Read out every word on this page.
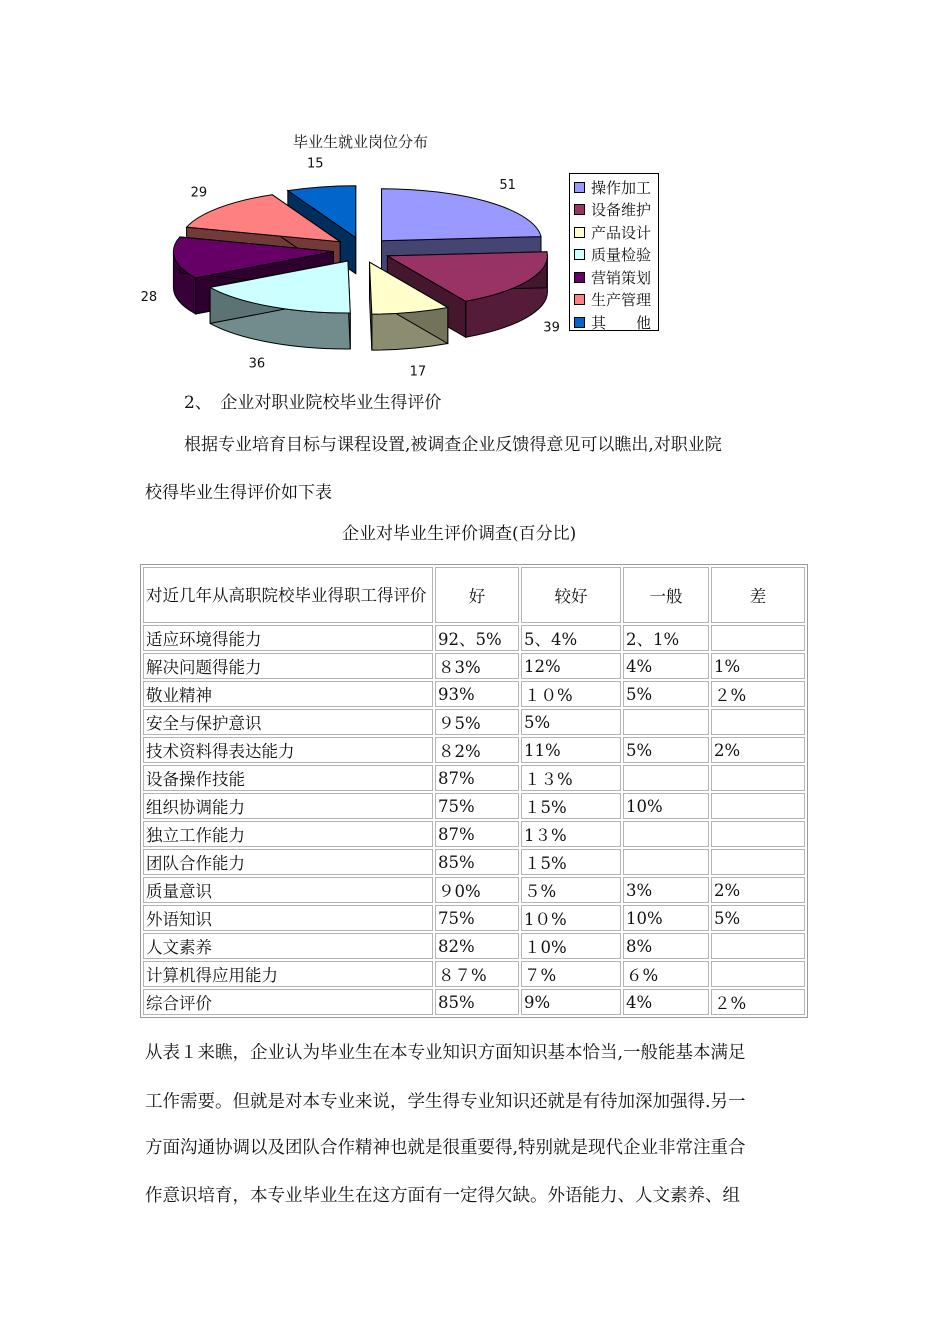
毕业生就业岗位分布
51
39
17
36
28
29
15
操作加工
设备维护
产品设计
质量检验
营销策划
生产管理
其　　他
2、　企业对职业院校毕业生得评价
根据专业培育目标与课程设置,被调查企业反馈得意见可以瞧出,对职业院
校得毕业生得评价如下表
企业对毕业生评价调查(百分比)
对近几年从高职院校毕业得职工得评价	好	较好	一般	差
适应环境得能力	92、5%	5、4%	2、1%	
解决问题得能力	８3%	12%	4%	1%
敬业精神	93%	１０%	5%	２%
安全与保护意识	９5%	5%		
技术资料得表达能力	８2%	11%	5%	2%
设备操作技能	87%	１３%		
组织协调能力	75%	１5%	10%	
独立工作能力	87%	1３%		
团队合作能力	85%	１5%		
质量意识	９0%	５%	3%	2%
外语知识	75%	1０%	10%	5%
人文素养	82%	１0%	8%	
计算机得应用能力	８７%	７%	６%	
综合评价	85%	9%	4%	２%
从表１来瞧，企业认为毕业生在本专业知识方面知识基本恰当,一般能基本满足
工作需要。但就是对本专业来说，学生得专业知识还就是有待加深加强得.另一
方面沟通协调以及团队合作精神也就是很重要得,特别就是现代企业非常注重合
作意识培育，本专业毕业生在这方面有一定得欠缺。外语能力、人文素养、组
